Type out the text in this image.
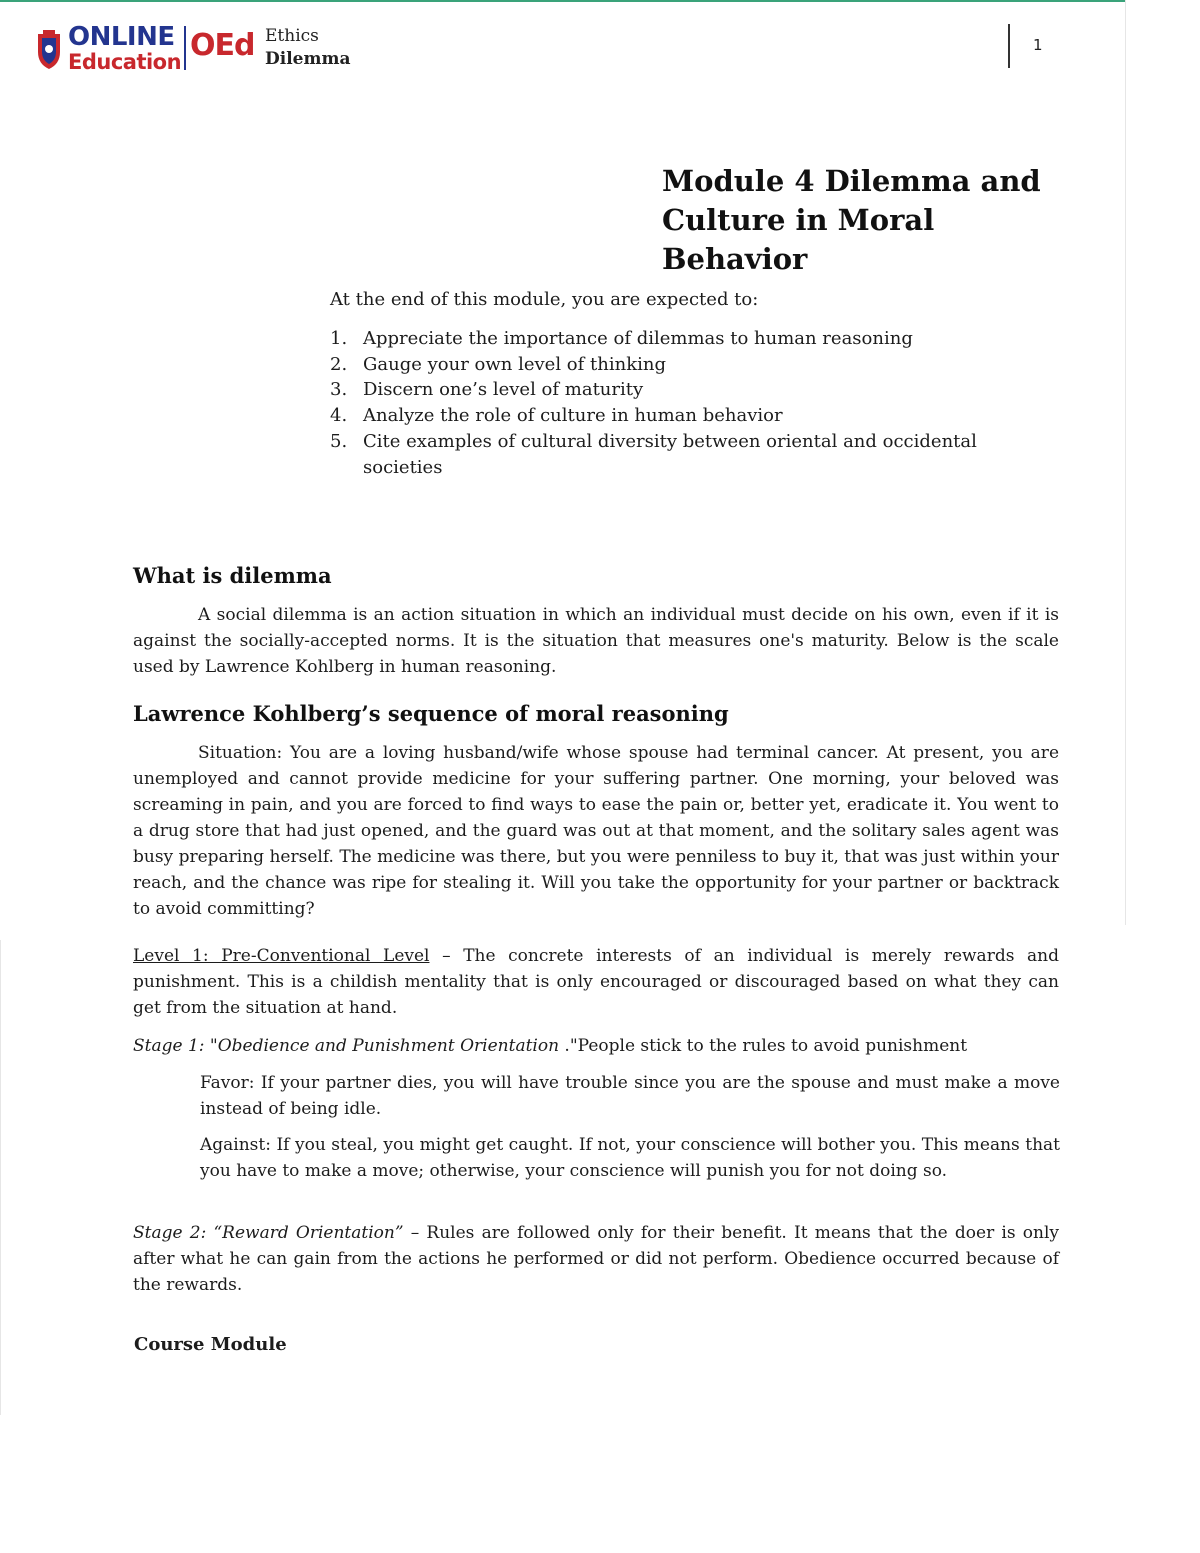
ONLINE
Education OEd Ethics
Dilemma
1
Module 4 Dilemma and
Culture in Moral Behavior

At the end of this module, you are expected to:

1. Appreciate the importance of dilemmas to human reasoning
2. Gauge your own level of thinking
3. Discern one’s level of maturity
4. Analyze the role of culture in human behavior
5. Cite examples of cultural diversity between oriental and occidental societies
What is dilemma

A social dilemma is an action situation in which an individual must decide on his own, even if it is against the socially-accepted norms. It is the situation that measures one's maturity. Below is the scale used by Lawrence Kohlberg in human reasoning.

Lawrence Kohlberg’s sequence of moral reasoning

Situation: You are a loving husband/wife whose spouse had terminal cancer. At present, you are unemployed and cannot provide medicine for your suffering partner. One morning, your beloved was screaming in pain, and you are forced to find ways to ease the pain or, better yet, eradicate it. You went to a drug store that had just opened, and the guard was out at that moment, and the solitary sales agent was busy preparing herself. The medicine was there, but you were penniless to buy it, that was just within your reach, and the chance was ripe for stealing it. Will you take the opportunity for your partner or backtrack to avoid committing?

Level 1: Pre-Conventional Level – The concrete interests of an individual is merely rewards and punishment. This is a childish mentality that is only encouraged or discouraged based on what they can get from the situation at hand.

Stage 1: "Obedience and Punishment Orientation ."People stick to the rules to avoid punishment

Favor: If your partner dies, you will have trouble since you are the spouse and must make a move instead of being idle.

Against: If you steal, you might get caught. If not, your conscience will bother you. This means that you have to make a move; otherwise, your conscience will punish you for not doing so.

Stage 2: “Reward Orientation” – Rules are followed only for their benefit. It means that the doer is only after what he can gain from the actions he performed or did not perform. Obedience occurred because of the rewards.

Course Module
